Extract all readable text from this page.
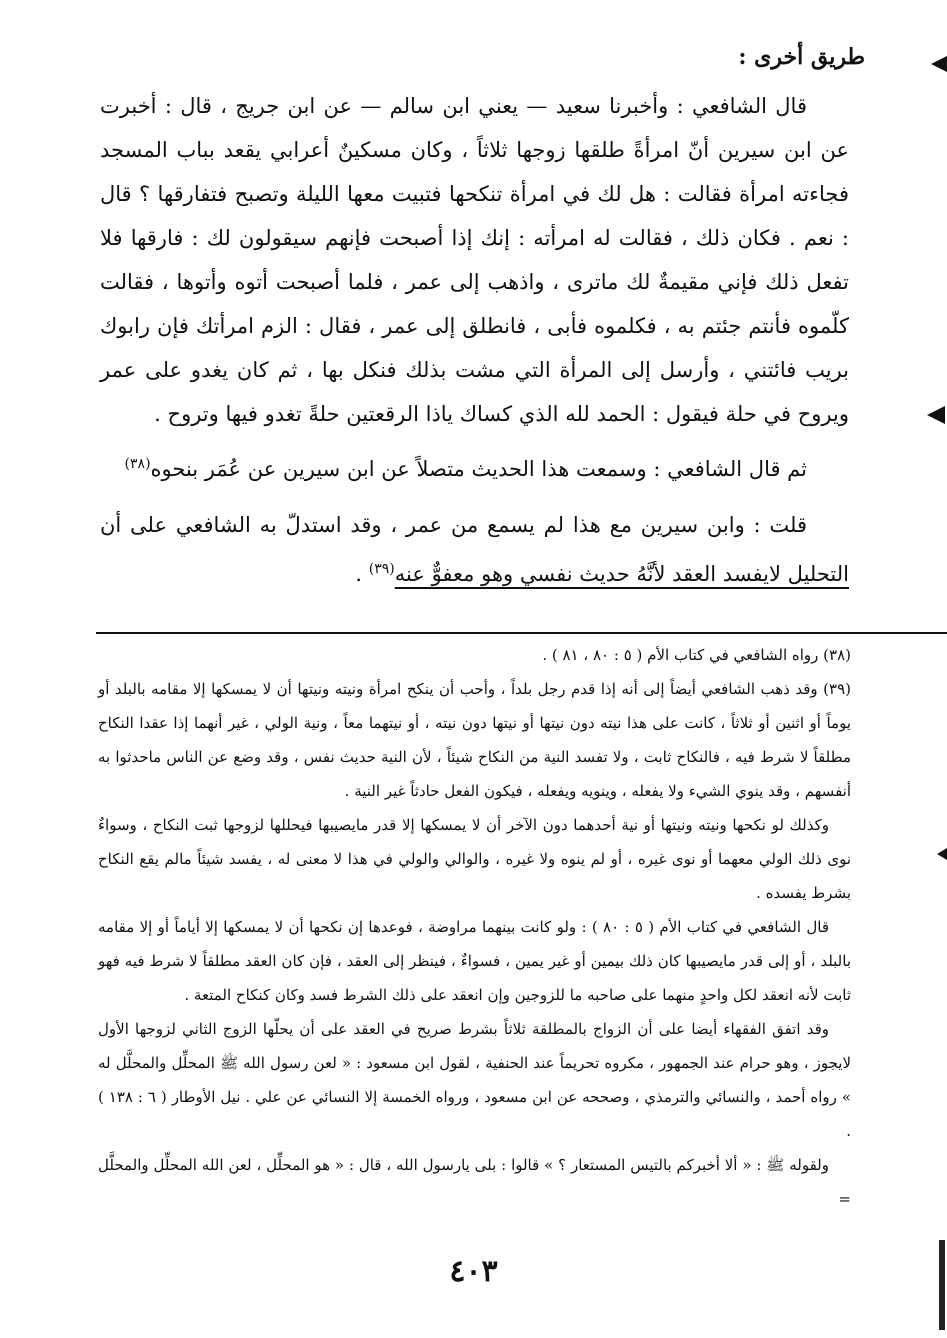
طريق أخرى :

قال الشافعي : وأخبرنا سعيد — يعني ابن سالم — عن ابن جريج ، قال : أخبرت عن ابن سيرين أنّ امرأةً طلقها زوجها ثلاثاً ، وكان مسكينٌ أعرابي يقعد بباب المسجد فجاءته امرأة فقالت : هل لك في امرأة تنكحها فتبيت معها الليلة وتصبح فتفارقها ؟ قال : نعم . فكان ذلك ، فقالت له امرأته : إنك إذا أصبحت فإنهم سيقولون لك : فارقها فلا تفعل ذلك فإني مقيمةٌ لك ماترى ، واذهب إلى عمر ، فلما أصبحت أتوه وأتوها ، فقالت كلّموه فأنتم جئتم به ، فكلموه فأبى ، فانطلق إلى عمر ، فقال : الزم امرأتك فإن رابوك بريب فائتني ، وأرسل إلى المرأة التي مشت بذلك فنكل بها ، ثم كان يغدو على عمر ويروح في حلة فيقول : الحمد لله الذي كساك ياذا الرقعتين حلةً تغدو فيها وتروح .

ثم قال الشافعي : وسمعت هذا الحديث متصلاً عن ابن سيرين عن عُمَر بنحوه$^{(٣٨)}$

قلت : وابن سيرين مع هذا لم يسمع من عمر ، وقد استدلّ به الشافعي على أن التحليل لايفسد العقد لأنَّهُ حديث نفسي وهو معفوٌّ عنه$^{(٣٩)}$ .

(٣٨) رواه الشافعي في كتاب الأم ( ٥ : ٨٠ ، ٨١ ) .

(٣٩) وقد ذهب الشافعي أيضاً إلى أنه إذا قدم رجل بلداً ، وأحب أن ينكح امرأة ونيته ونيتها أن لا يمسكها إلا مقامه بالبلد أو يوماً أو اثنين أو ثلاثاً ، كانت على هذا نيته دون نيتها أو نيتها دون نيته ، أو نيتهما معاً ، ونية الولي ، غير أنهما إذا عقدا النكاح مطلقاً لا شرط فيه ، فالنكاح ثابت ، ولا تفسد النية من النكاح شيئاً ، لأن النية حديث نفس ، وقد وضع عن الناس ماحدثوا به أنفسهم ، وقد ينوي الشيء ولا يفعله ، وينويه ويفعله ، فيكون الفعل حادثاً غير النية .

وكذلك لو نكحها ونيته ونيتها أو نية أحدهما دون الآخر أن لا يمسكها إلا قدر مايصيبها فيحللها لزوجها ثبت النكاح ، وسواءٌ نوى ذلك الولي معهما أو نوى غيره ، أو لم ينوه ولا غيره ، والوالي والولي في هذا لا معنى له ، يفسد شيئاً مالم يقع النكاح بشرط يفسده .

قال الشافعي في كتاب الأم ( ٥ : ٨٠ ) : ولو كانت بينهما مراوضة ، فوعدها إن نكحها أن لا يمسكها إلا أياماً أو إلا مقامه بالبلد ، أو إلى قدر مايصيبها كان ذلك بيمين أو غير يمين ، فسواءٌ ، فينظر إلى العقد ، فإن كان العقد مطلقاً لا شرط فيه فهو ثابت لأنه انعقد لكل واحدٍ منهما على صاحبه ما للزوجين وإن انعقد على ذلك الشرط فسد وكان كنكاح المتعة .

وقد اتفق الفقهاء أيضا على أن الزواج بالمطلقة ثلاثاً بشرط صريح في العقد على أن يحلّها الزوج الثاني لزوجها الأول لايجوز ، وهو حرام عند الجمهور ، مكروه تحريماً عند الحنفية ، لقول ابن مسعود : « لعن رسول الله ﷺ المحلِّل والمحلَّل له » رواه أحمد ، والنسائي والترمذي ، وصححه عن ابن مسعود ، ورواه الخمسة إلا النسائي عن علي . نيل الأوطار ( ٦ : ١٣٨ ) .

ولقوله ﷺ : « ألا أخبركم بالتيس المستعار ؟ » قالوا : بلى يارسول الله ، قال : « هو المحلِّل ، لعن الله المحلِّل والمحلَّل =

٤٠٣
